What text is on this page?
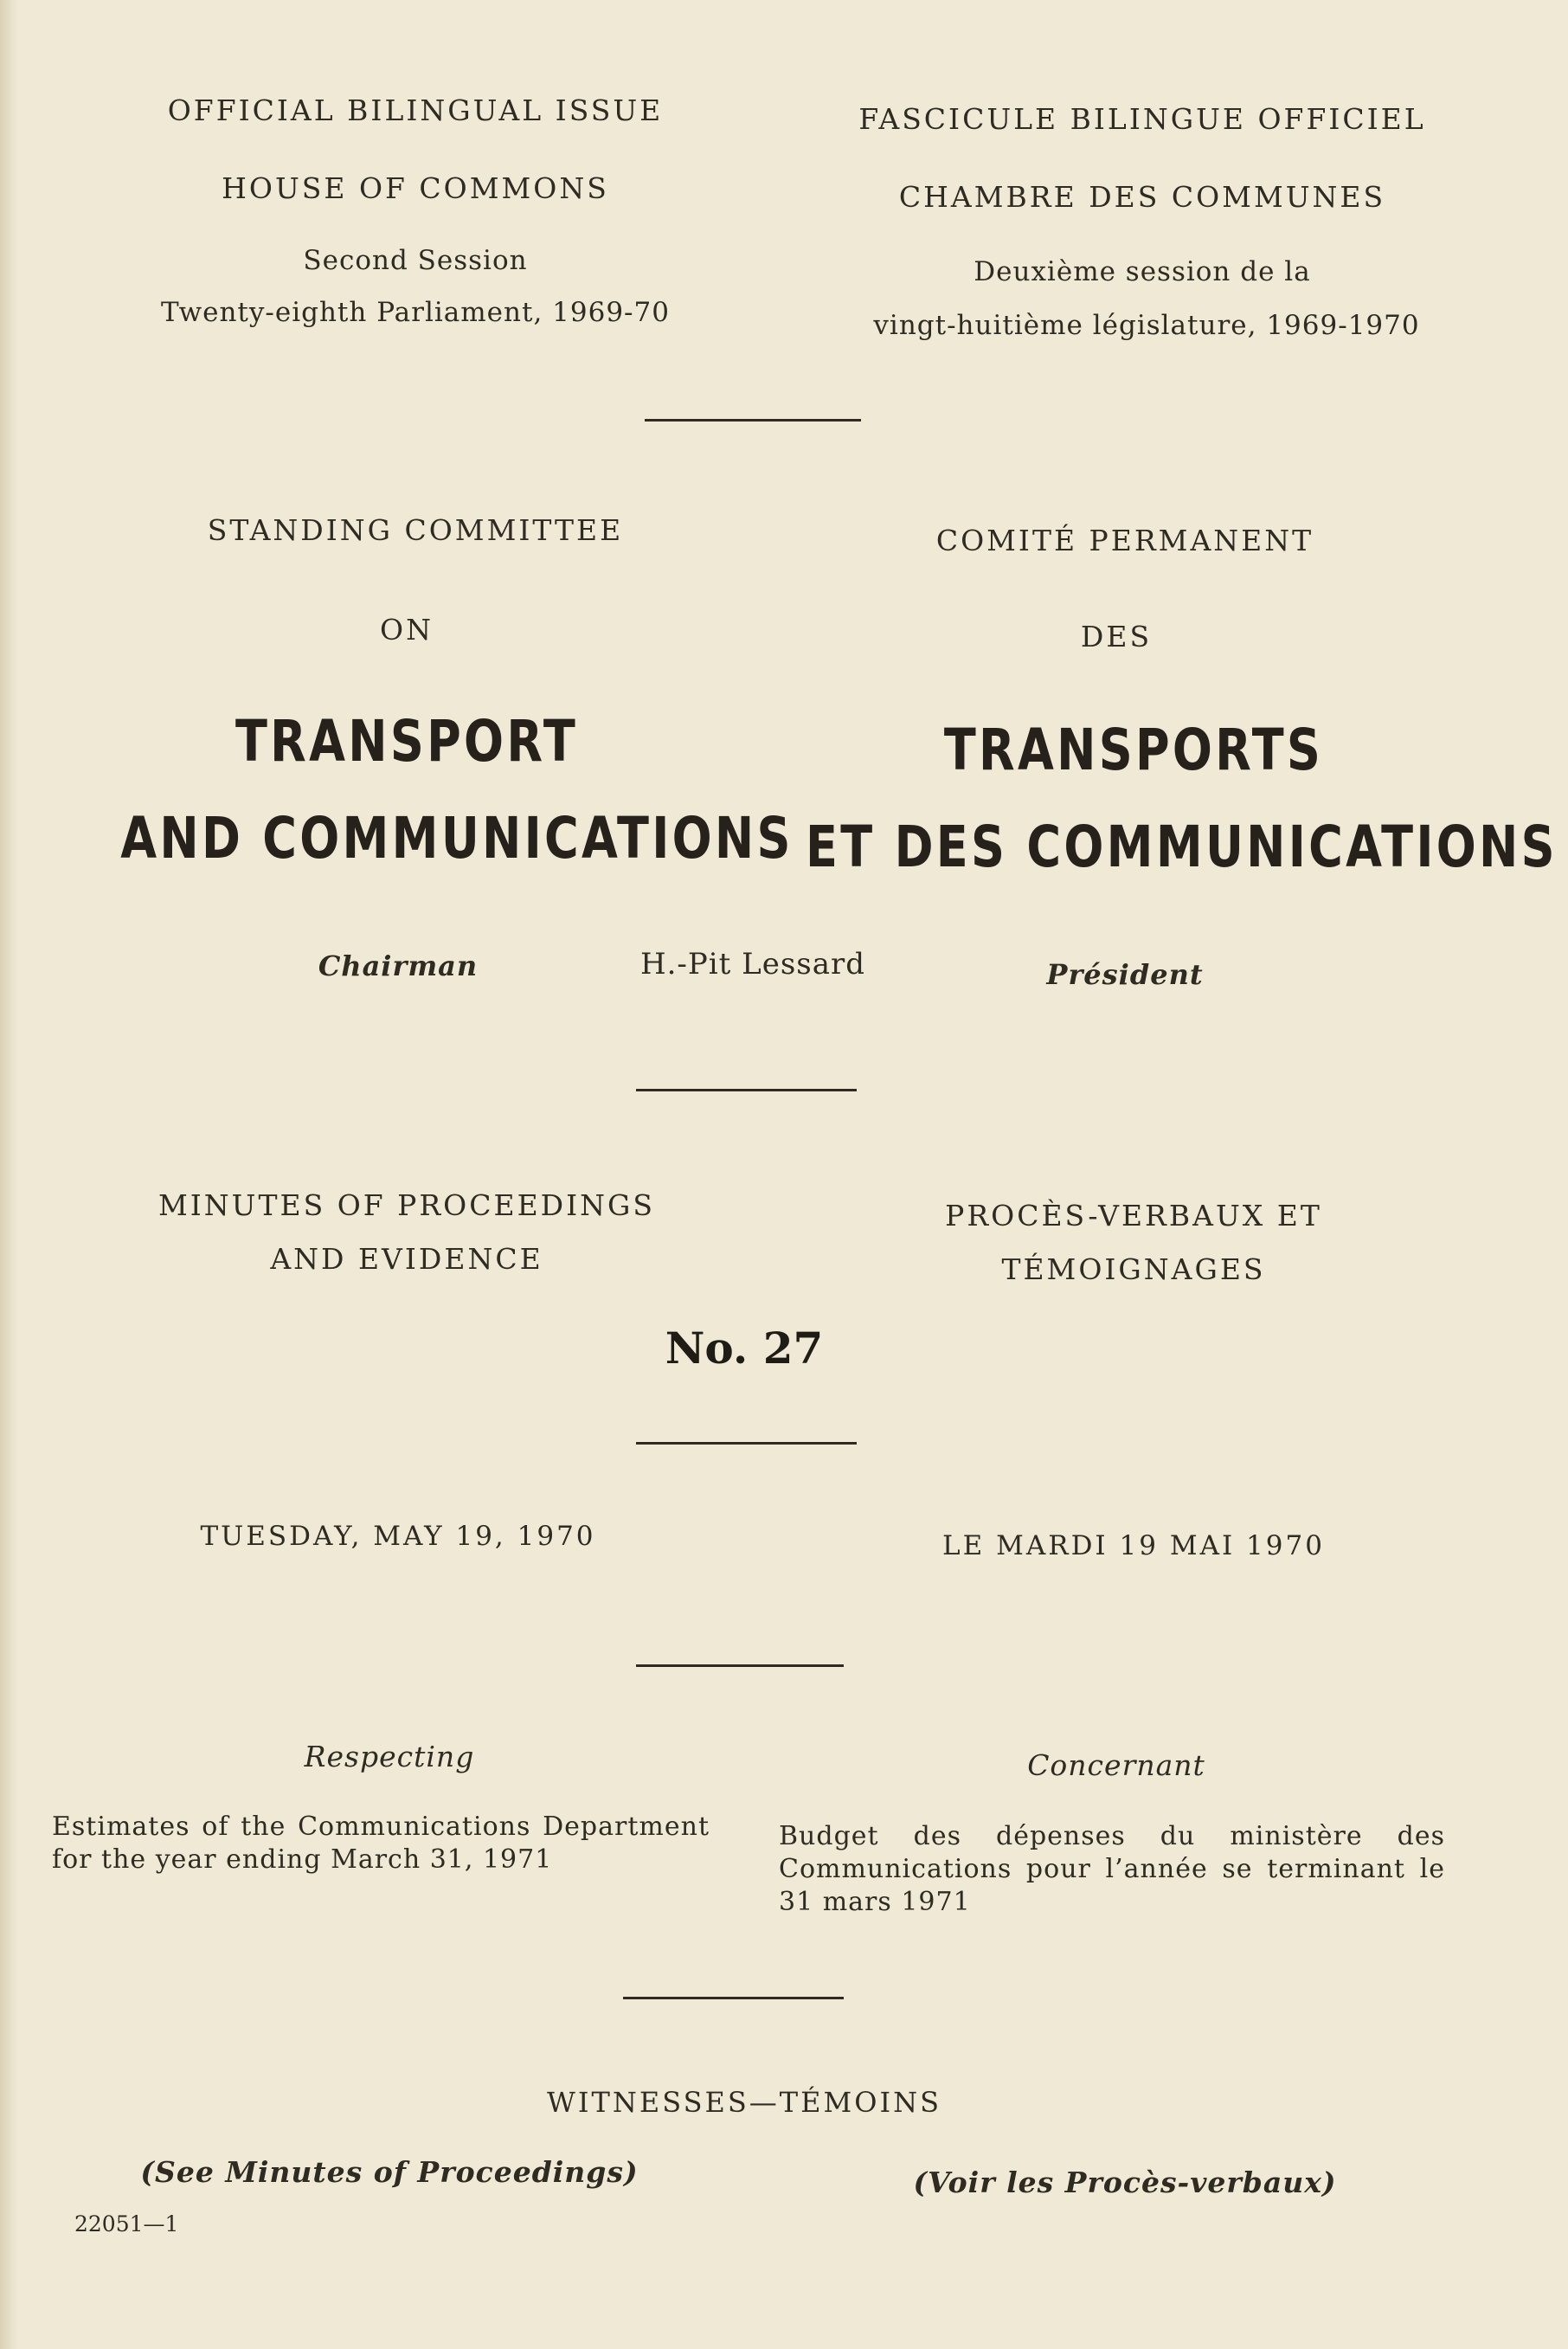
OFFICIAL BILINGUAL ISSUE	FASCICULE BILINGUE OFFICIEL
HOUSE OF COMMONS	CHAMBRE DES COMMUNES
Second Session	Deuxième session de la
Twenty-eighth Parliament, 1969-70	vingt-huitième législature, 1969-1970
STANDING COMMITTEE	COMITÉ PERMANENT
ON	DES
TRANSPORT	TRANSPORTS
AND COMMUNICATIONS ET DES COMMUNICATIONS
Chairman	H.-Pit Lessard	Président
MINUTES OF PROCEEDINGS
AND EVIDENCE
PROCÈS-VERBAUX ET
TÉMOIGNAGES
No. 27
TUESDAY, MAY 19, 1970	LE MARDI 19 MAI 1970
Respecting	Concernant
Estimates of the Communications Department for the year ending March 31, 1971
Budget des dépenses du ministère des Communications pour l’année se terminant le 31 mars 1971
WITNESSES—TÉMOINS
(See Minutes of Proceedings)	(Voir les Procès-verbaux)
22051—1
